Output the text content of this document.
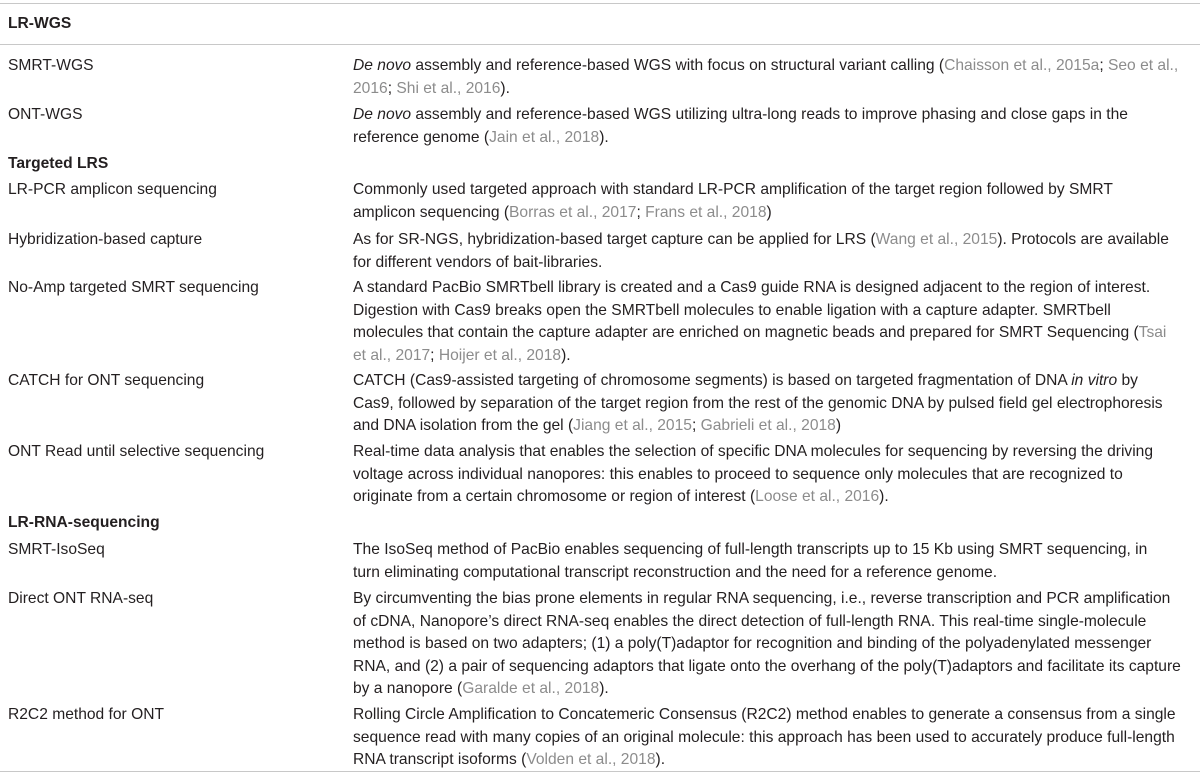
LR-WGS
SMRT-WGS	De novo assembly and reference-based WGS with focus on structural variant calling (Chaisson et al., 2015a; Seo et al.,
2016; Shi et al., 2016).
ONT-WGS	De novo assembly and reference-based WGS utilizing ultra-long reads to improve phasing and close gaps in the
reference genome (Jain et al., 2018).
Targeted LRS
LR-PCR amplicon sequencing	Commonly used targeted approach with standard LR-PCR amplification of the target region followed by SMRT
amplicon sequencing (Borras et al., 2017; Frans et al., 2018)
Hybridization-based capture	As for SR-NGS, hybridization-based target capture can be applied for LRS (Wang et al., 2015). Protocols are available
for different vendors of bait-libraries.
No-Amp targeted SMRT sequencing	A standard PacBio SMRTbell library is created and a Cas9 guide RNA is designed adjacent to the region of interest.
Digestion with Cas9 breaks open the SMRTbell molecules to enable ligation with a capture adapter. SMRTbell
molecules that contain the capture adapter are enriched on magnetic beads and prepared for SMRT Sequencing (Tsai
et al., 2017; Hoijer et al., 2018).
CATCH for ONT sequencing	CATCH (Cas9-assisted targeting of chromosome segments) is based on targeted fragmentation of DNA in vitro by
Cas9, followed by separation of the target region from the rest of the genomic DNA by pulsed field gel electrophoresis
and DNA isolation from the gel (Jiang et al., 2015; Gabrieli et al., 2018)
ONT Read until selective sequencing	Real-time data analysis that enables the selection of specific DNA molecules for sequencing by reversing the driving
voltage across individual nanopores: this enables to proceed to sequence only molecules that are recognized to
originate from a certain chromosome or region of interest (Loose et al., 2016).
LR-RNA-sequencing
SMRT-IsoSeq	The IsoSeq method of PacBio enables sequencing of full-length transcripts up to 15 Kb using SMRT sequencing, in
turn eliminating computational transcript reconstruction and the need for a reference genome.
Direct ONT RNA-seq	By circumventing the bias prone elements in regular RNA sequencing, i.e., reverse transcription and PCR amplification
of cDNA, Nanopore’s direct RNA-seq enables the direct detection of full-length RNA. This real-time single-molecule
method is based on two adapters; (1) a poly(T)adaptor for recognition and binding of the polyadenylated messenger
RNA, and (2) a pair of sequencing adaptors that ligate onto the overhang of the poly(T)adaptors and facilitate its capture
by a nanopore (Garalde et al., 2018).
R2C2 method for ONT	Rolling Circle Amplification to Concatemeric Consensus (R2C2) method enables to generate a consensus from a single
sequence read with many copies of an original molecule: this approach has been used to accurately produce full-length
RNA transcript isoforms (Volden et al., 2018).
